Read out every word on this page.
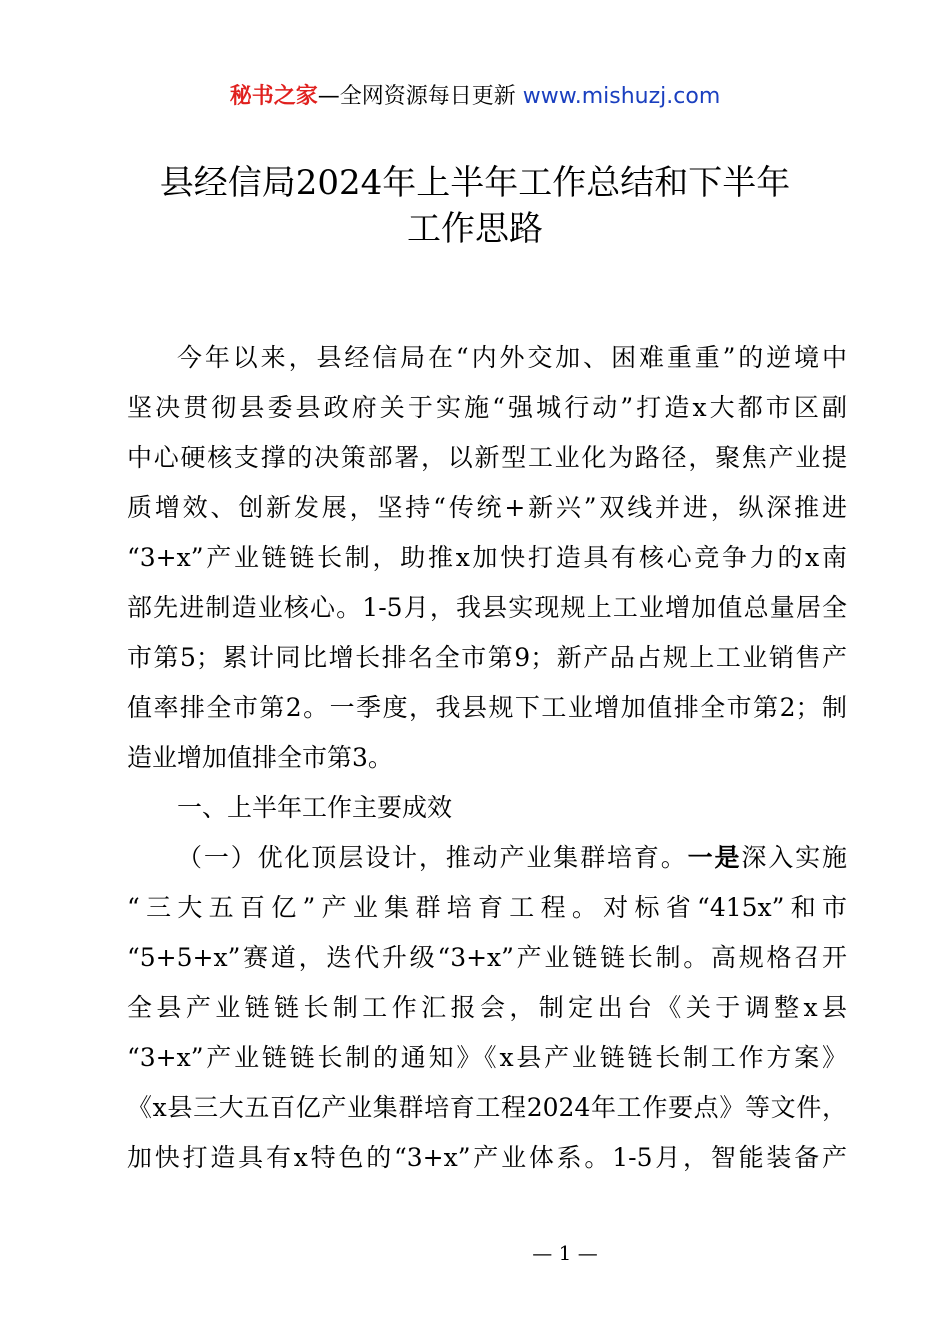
秘书之家—全网资源每日更新 www.mishuzj.com
县经信局2024年上半年工作总结和下半年
工作思路
今年以来，县经信局在“内外交加、困难重重”的逆境中
坚决贯彻县委县政府关于实施“强城行动”打造x大都市区副
中心硬核支撑的决策部署，以新型工业化为路径，聚焦产业提
质增效、创新发展，坚持“传统+新兴”双线并进，纵深推进
“3+x”产业链链长制，助推x加快打造具有核心竞争力的x南
部先进制造业核心。1-5月，我县实现规上工业增加值总量居全
市第5；累计同比增长排名全市第9；新产品占规上工业销售产
值率排全市第2。一季度，我县规下工业增加值排全市第2；制
造业增加值排全市第3。
一、上半年工作主要成效
（一）优化顶层设计，推动产业集群培育。一是深入实施
“三大五百亿”产业集群培育工程。对标省“415x”和市
“5+5+x”赛道，迭代升级“3+x”产业链链长制。高规格召开
全县产业链链长制工作汇报会，制定出台《关于调整x县
“3+x”产业链链长制的通知》《x县产业链链长制工作方案》
《x县三大五百亿产业集群培育工程2024年工作要点》等文件，
加快打造具有x特色的“3+x”产业体系。1-5月，智能装备产
— 1 —
